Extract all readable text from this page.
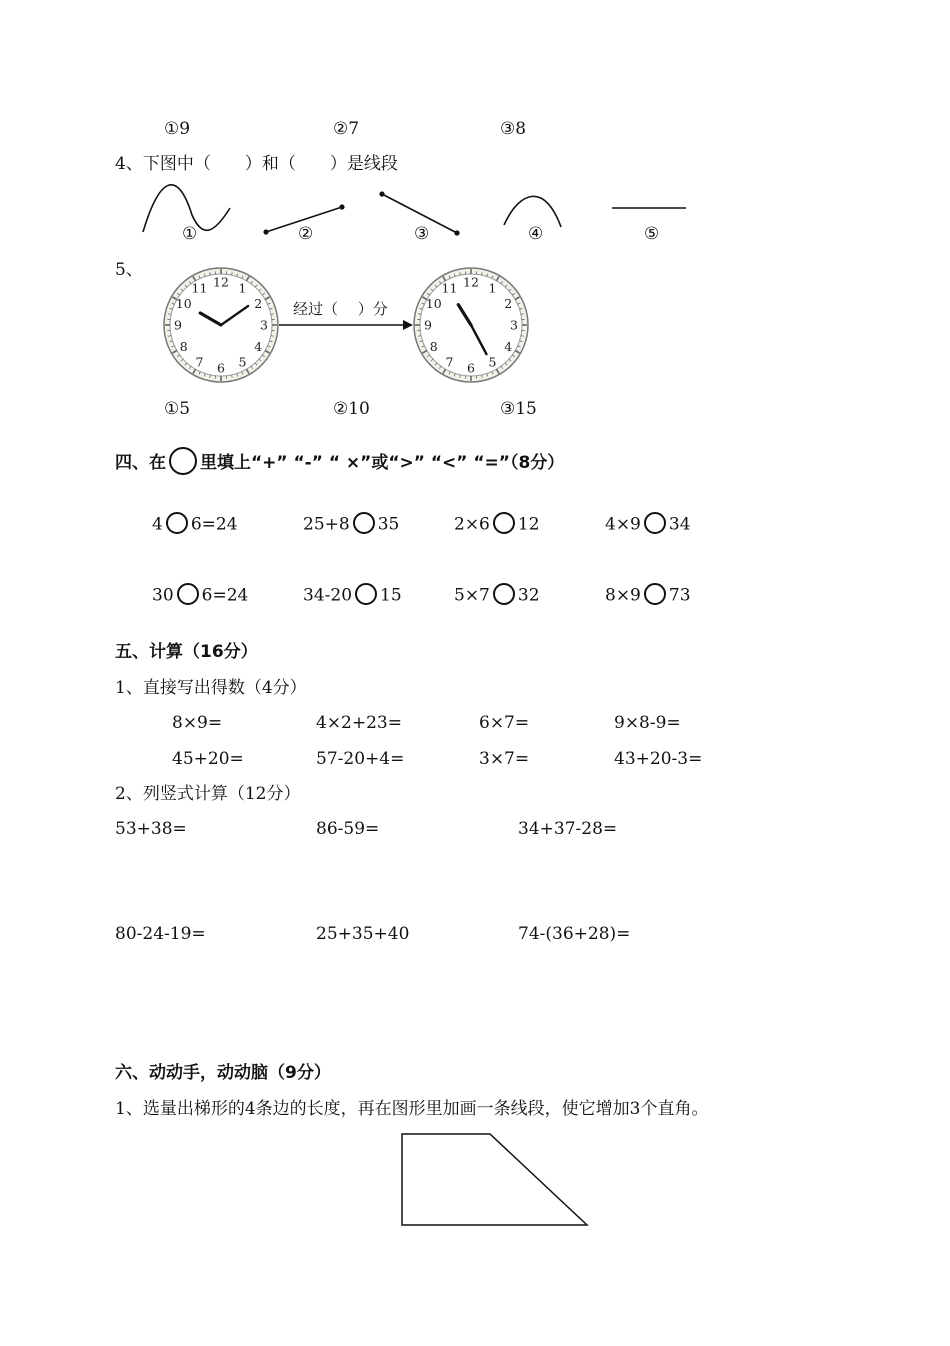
①9	②7	③8
4、下图中（　　）和（　　）是线段
①	②	③	④	⑤
5、
12 1
2
3
4
5
6
7
8
9
10
11	12 1
2
3
4
5
6
7
8
9
10
11
经过（　 ）分
①5	②10	③15
四、在 里填上“+” “-” “ ×”或“>” “<” “=”（8分）
4 6=24	25+8 35	2×6 12	4×9 34
30 6=24	34-20 15	5×7 32	8×9 73
五、计算（16分）
1、直接写出得数（4分）
8×9=	4×2+23=	6×7=	9×8-9=
45+20=	57-20+4=	3×7=	43+20-3=
2、列竖式计算（12分）
53+38=	86-59=	34+37-28=
80-24-19=	25+35+40	74-(36+28)=
六、动动手，动动脑（9分）
1、选量出梯形的4条边的长度，再在图形里加画一条线段，使它增加3个直角。
